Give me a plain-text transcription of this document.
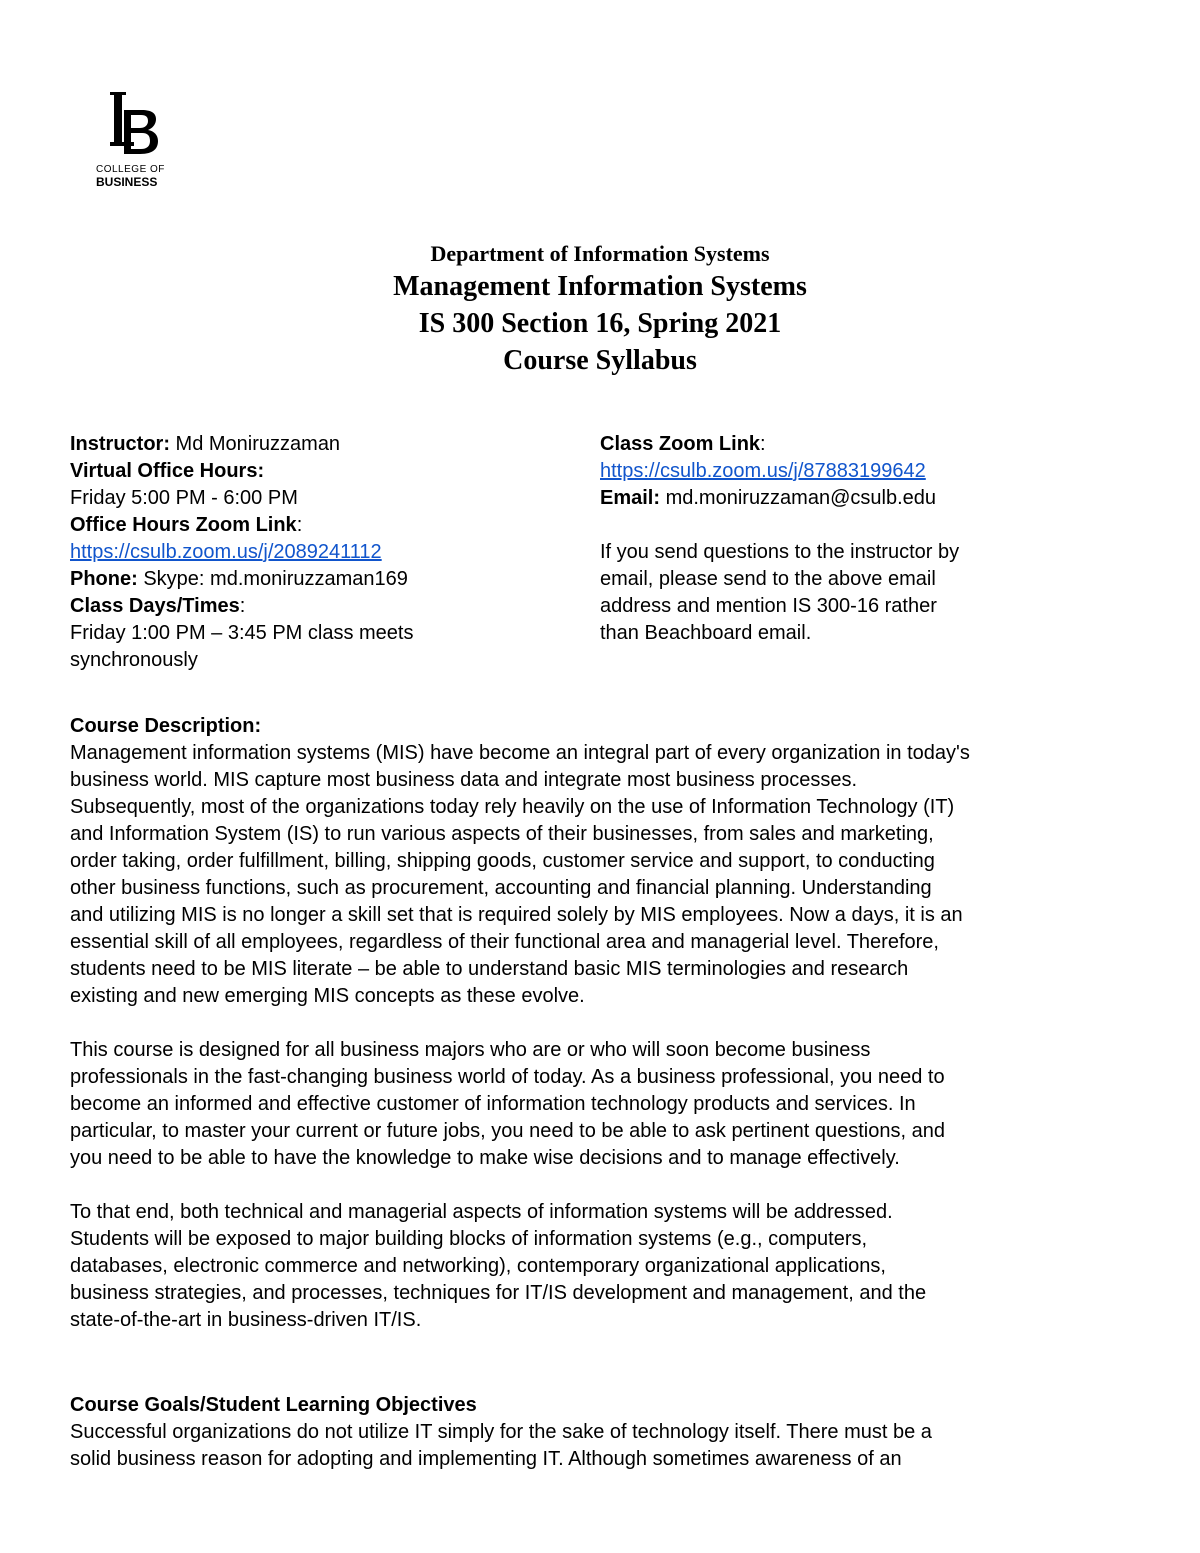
COLLEGE OF
BUSINESS
Department of Information Systems
Management Information Systems
IS 300 Section 16, Spring 2021
Course Syllabus
Instructor: Md Moniruzzaman
Virtual Office Hours:
Friday 5:00 PM - 6:00 PM
Office Hours Zoom Link:
https://csulb.zoom.us/j/2089241112
Phone: Skype: md.moniruzzaman169
Class Days/Times:
Friday 1:00 PM – 3:45 PM class meets
synchronously
Class Zoom Link:
https://csulb.zoom.us/j/87883199642
Email: md.moniruzzaman@csulb.edu
If you send questions to the instructor by
email, please send to the above email
address and mention IS 300-16 rather
than Beachboard email.
Course Description:
Management information systems (MIS) have become an integral part of every organization in today's
business world. MIS capture most business data and integrate most business processes.
Subsequently, most of the organizations today rely heavily on the use of Information Technology (IT)
and Information System (IS) to run various aspects of their businesses, from sales and marketing,
order taking, order fulfillment, billing, shipping goods, customer service and support, to conducting
other business functions, such as procurement, accounting and financial planning. Understanding
and utilizing MIS is no longer a skill set that is required solely by MIS employees. Now a days, it is an
essential skill of all employees, regardless of their functional area and managerial level. Therefore,
students need to be MIS literate – be able to understand basic MIS terminologies and research
existing and new emerging MIS concepts as these evolve.
This course is designed for all business majors who are or who will soon become business
professionals in the fast-changing business world of today. As a business professional, you need to
become an informed and effective customer of information technology products and services. In
particular, to master your current or future jobs, you need to be able to ask pertinent questions, and
you need to be able to have the knowledge to make wise decisions and to manage effectively.
To that end, both technical and managerial aspects of information systems will be addressed.
Students will be exposed to major building blocks of information systems (e.g., computers,
databases, electronic commerce and networking), contemporary organizational applications,
business strategies, and processes, techniques for IT/IS development and management, and the
state-of-the-art in business-driven IT/IS.
Course Goals/Student Learning Objectives
Successful organizations do not utilize IT simply for the sake of technology itself. There must be a
solid business reason for adopting and implementing IT. Although sometimes awareness of an
